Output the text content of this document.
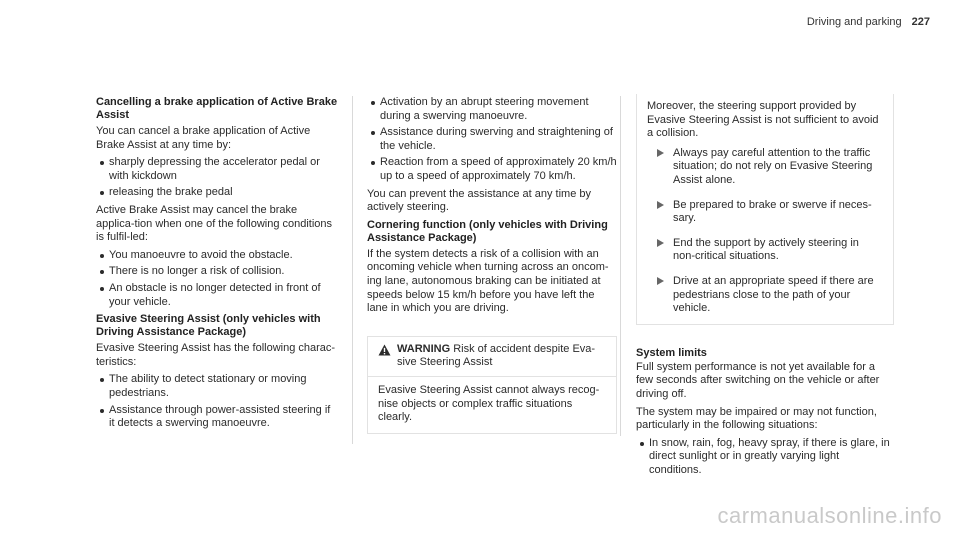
Driving and parking 227
Cancelling a brake application of Active Brake Assist

You can cancel a brake application of Active Brake Assist at any time by:

sharply depressing the accelerator pedal or with kickdown
releasing the brake pedal

Active Brake Assist may cancel the brake applica-tion when one of the following conditions is fulfil-led:

You manoeuvre to avoid the obstacle.
There is no longer a risk of collision.
An obstacle is no longer detected in front of your vehicle.
Evasive Steering Assist (only vehicles with Driving Assistance Package)

Evasive Steering Assist has the following charac-teristics:

The ability to detect stationary or moving pedestrians.
Assistance through power-assisted steering if it detects a swerving manoeuvre.
Activation by an abrupt steering movement during a swerving manoeuvre.
Assistance during swerving and straightening of the vehicle.
Reaction from a speed of approximately 20 km/h up to a speed of approximately 70 km/h.

You can prevent the assistance at any time by actively steering.

Cornering function (only vehicles with Driving Assistance Package)

If the system detects a risk of a collision with an oncoming vehicle when turning across an oncom-ing lane, autonomous braking can be initiated at speeds below 15 km/h before you have left the lane in which you are driving.

WARNING Risk of accident despite Eva-sive Steering Assist
Evasive Steering Assist cannot always recog-nise objects or complex traffic situations clearly.

Moreover, the steering support provided by Evasive Steering Assist is not sufficient to avoid a collision.

Always pay careful attention to the traffic situation; do not rely on Evasive Steering Assist alone.
Be prepared to brake or swerve if neces-sary.
End the support by actively steering in non-critical situations.
Drive at an appropriate speed if there are pedestrians close to the path of your vehicle.
System limits

Full system performance is not yet available for a few seconds after switching on the vehicle or after driving off.

The system may be impaired or may not function, particularly in the following situations:

In snow, rain, fog, heavy spray, if there is glare, in direct sunlight or in greatly varying light conditions.
carmanualsonline.info
